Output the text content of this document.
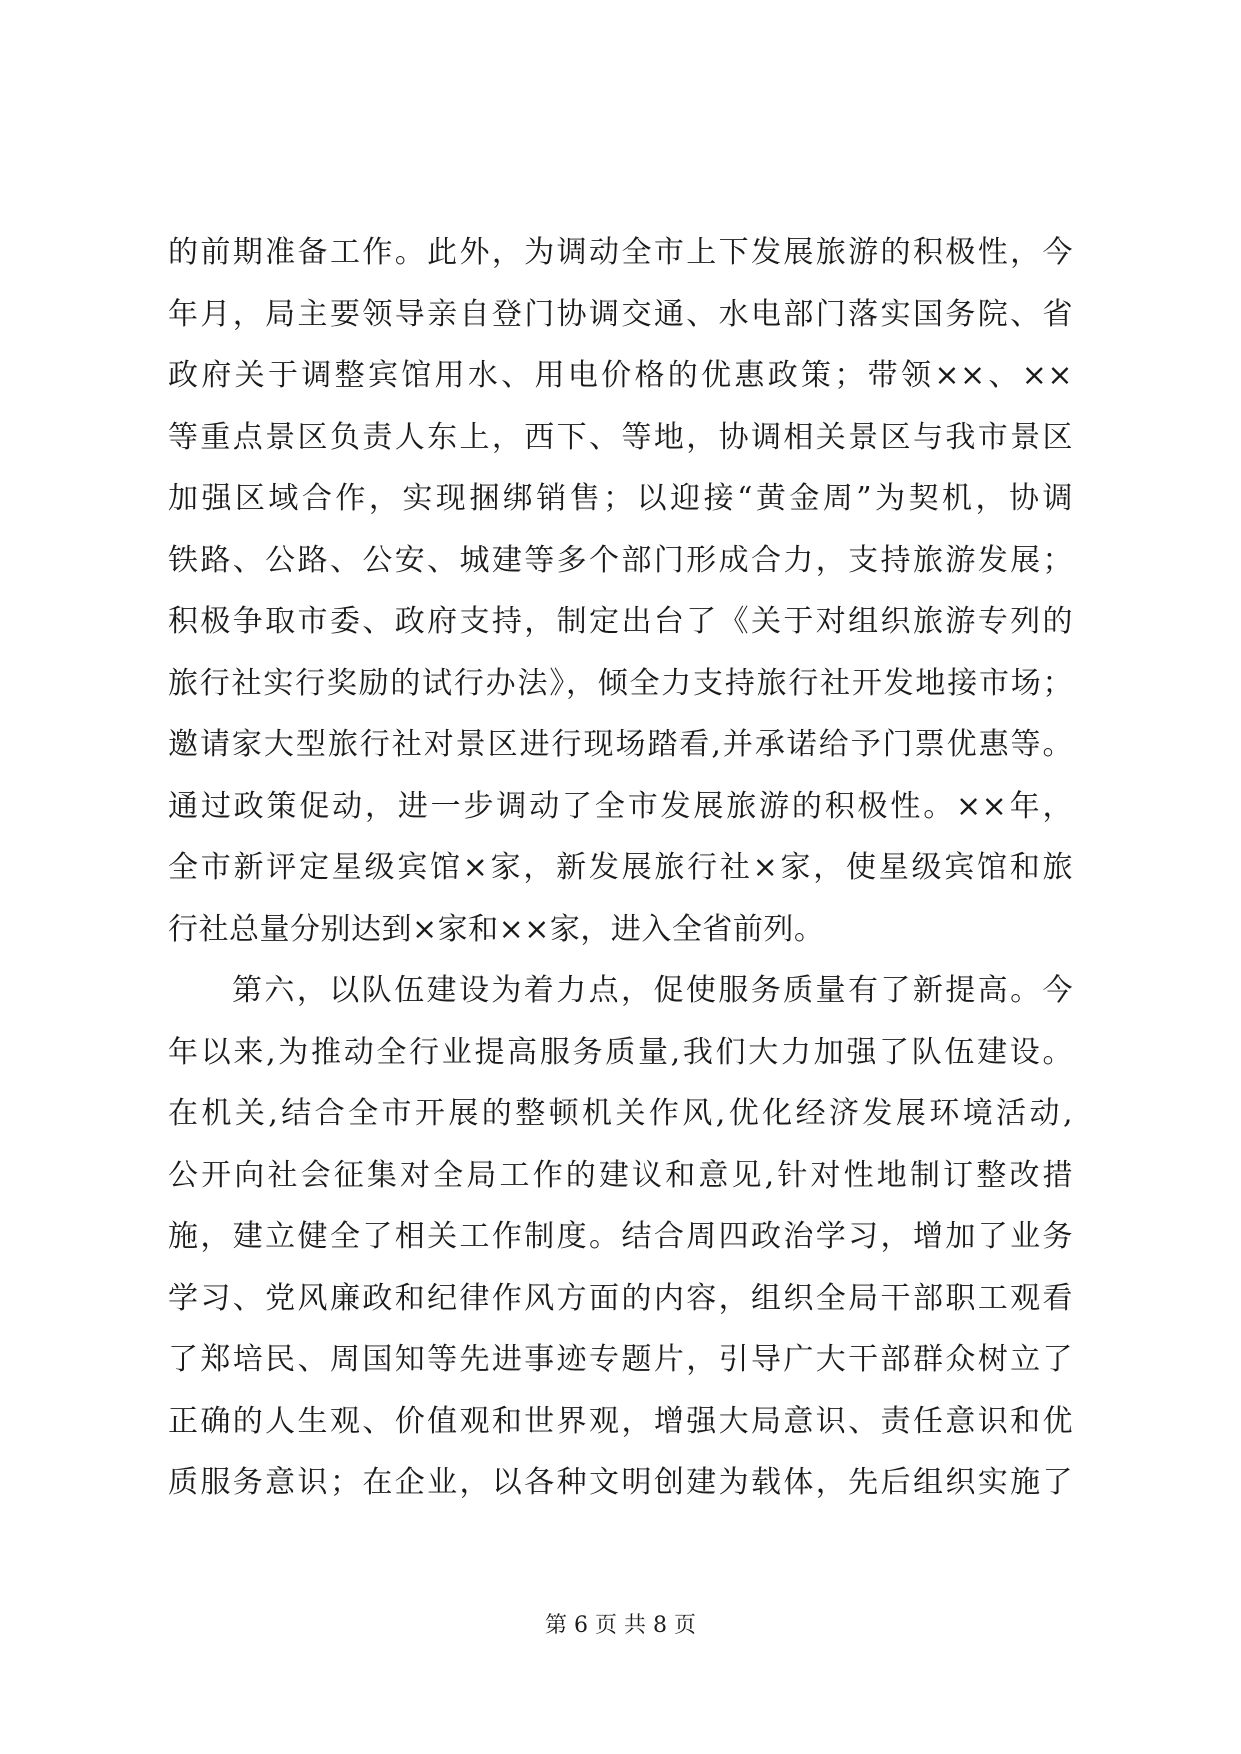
的前期准备工作。此外，为调动全市上下发展旅游的积极性，今
年月，局主要领导亲自登门协调交通、水电部门落实国务院、省
政府关于调整宾馆用水、用电价格的优惠政策；带领××、××
等重点景区负责人东上，西下、等地，协调相关景区与我市景区
加强区域合作，实现捆绑销售；以迎接“黄金周”为契机，协调
铁路、公路、公安、城建等多个部门形成合力，支持旅游发展；
积极争取市委、政府支持，制定出台了《关于对组织旅游专列的
旅行社实行奖励的试行办法》，倾全力支持旅行社开发地接市场；
邀请家大型旅行社对景区进行现场踏看,并承诺给予门票优惠等。
通过政策促动，进一步调动了全市发展旅游的积极性。××年，
全市新评定星级宾馆×家，新发展旅行社×家，使星级宾馆和旅
行社总量分别达到×家和××家，进入全省前列。
第六，以队伍建设为着力点，促使服务质量有了新提高。今
年以来,为推动全行业提高服务质量,我们大力加强了队伍建设。
在机关,结合全市开展的整顿机关作风,优化经济发展环境活动,
公开向社会征集对全局工作的建议和意见,针对性地制订整改措
施，建立健全了相关工作制度。结合周四政治学习，增加了业务
学习、党风廉政和纪律作风方面的内容，组织全局干部职工观看
了郑培民、周国知等先进事迹专题片，引导广大干部群众树立了
正确的人生观、价值观和世界观，增强大局意识、责任意识和优
质服务意识；在企业，以各种文明创建为载体，先后组织实施了
第 6 页 共 8 页
